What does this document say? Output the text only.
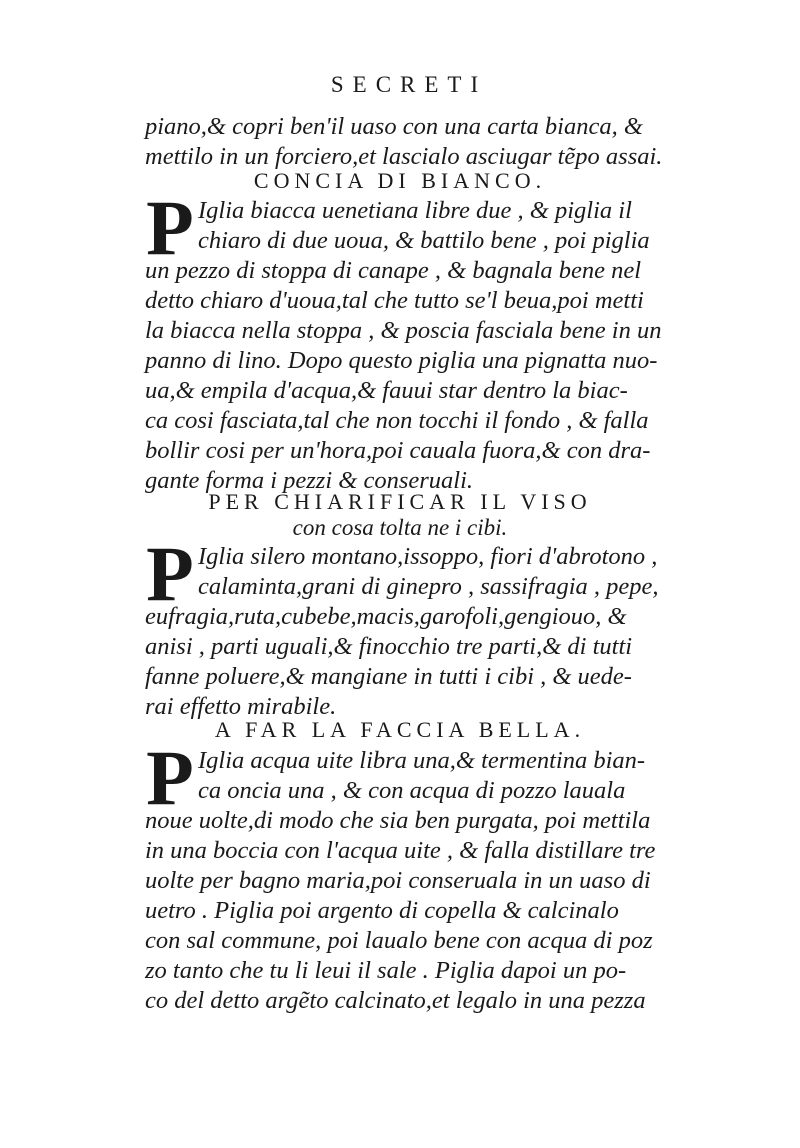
SECRETI
piano,& copri ben'il uaso con una carta bianca, &
mettilo in un forciero,et lascialo asciugar tẽpo assai.
CONCIA DI BIANCO.
P Iglia biacca uenetiana libre due , & piglia il
chiaro di due uoua, & battilo bene , poi piglia
un pezzo di stoppa di canape , & bagnala bene nel
detto chiaro d'uoua,tal che tutto se'l beua,poi metti
la biacca nella stoppa , & poscia fasciala bene in un
panno di lino. Dopo questo piglia una pignatta nuo-
ua,& empila d'acqua,& fauui star dentro la biac-
ca cosi fasciata,tal che non tocchi il fondo , & falla
bollir cosi per un'hora,poi cauala fuora,& con dra-
gante forma i pezzi & conseruali.
PER CHIARIFICAR IL VISO
con cosa tolta ne i cibi.
P Iglia silero montano,issoppo, fiori d'abrotono ,
calaminta,grani di ginepro , sassifragia , pepe,
eufragia,ruta,cubebe,macis,garofoli,gengiouo, &
anisi , parti uguali,& finocchio tre parti,& di tutti
fanne poluere,& mangiane in tutti i cibi , & uede-
rai effetto mirabile.
A FAR LA FACCIA BELLA.
P Iglia acqua uite libra una,& termentina bian-
ca oncia una , & con acqua di pozzo lauala
noue uolte,di modo che sia ben purgata, poi mettila
in una boccia con l'acqua uite , & falla distillare tre
uolte per bagno maria,poi conseruala in un uaso di
uetro . Piglia poi argento di copella & calcinalo
con sal commune, poi laualo bene con acqua di poz
zo tanto che tu li leui il sale . Piglia dapoi un po-
co del detto argẽto calcinato,et legalo in una pezza
